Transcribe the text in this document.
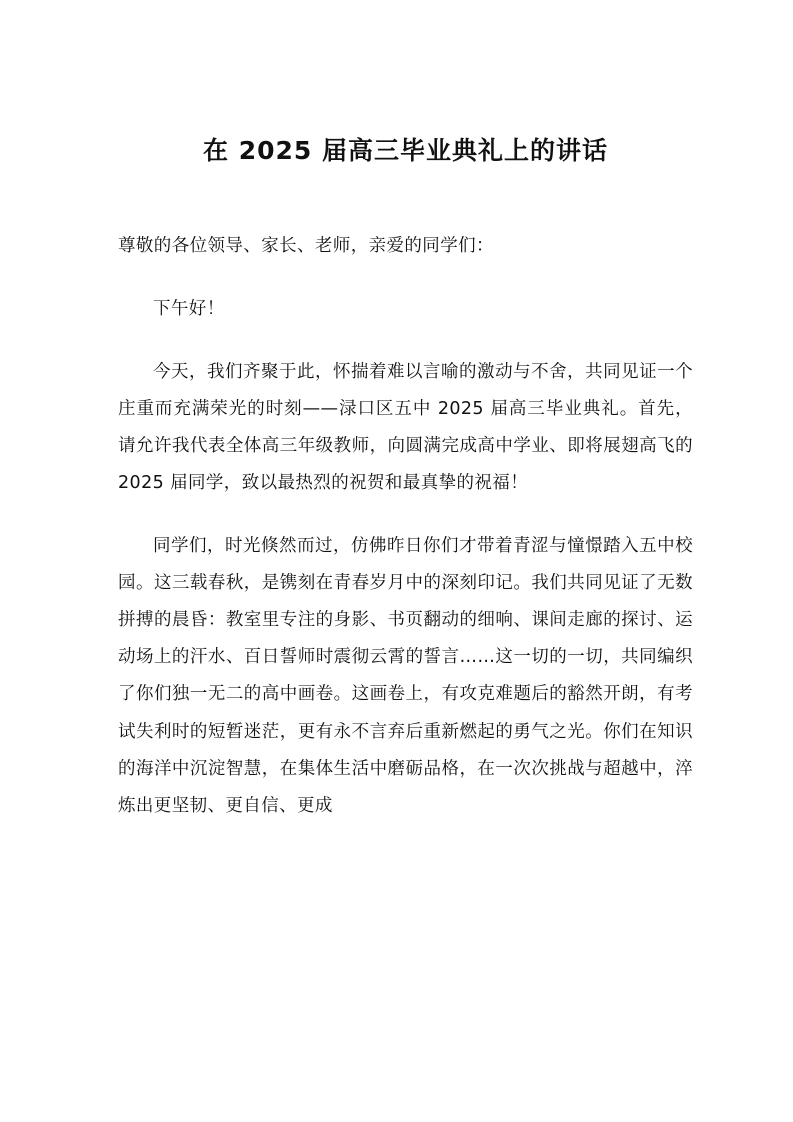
在 2025 届高三毕业典礼上的讲话

尊敬的各位领导、家长、老师，亲爱的同学们：

下午好！

今天，我们齐聚于此，怀揣着难以言喻的激动与不舍，共同见证一个庄重而充满荣光的时刻——渌口区五中 2025 届高三毕业典礼。首先，请允许我代表全体高三年级教师，向圆满完成高中学业、即将展翅高飞的 2025 届同学，致以最热烈的祝贺和最真挚的祝福！

同学们，时光倏然而过，仿佛昨日你们才带着青涩与憧憬踏入五中校园。这三载春秋，是镌刻在青春岁月中的深刻印记。我们共同见证了无数拼搏的晨昏：教室里专注的身影、书页翻动的细响、课间走廊的探讨、运动场上的汗水、百日誓师时震彻云霄的誓言……这一切的一切，共同编织了你们独一无二的高中画卷。这画卷上，有攻克难题后的豁然开朗，有考试失利时的短暂迷茫，更有永不言弃后重新燃起的勇气之光。你们在知识的海洋中沉淀智慧，在集体生活中磨砺品格，在一次次挑战与超越中，淬炼出更坚韧、更自信、更成
